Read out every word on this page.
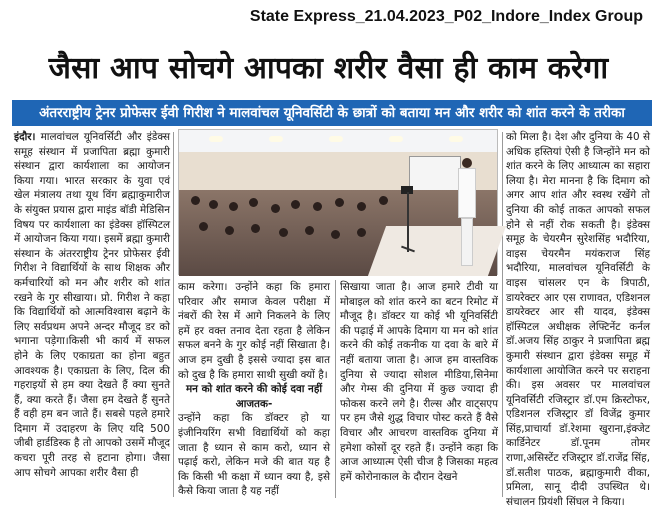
State Express_21.04.2023_P02_Indore_Index Group
जैसा आप सोचगे आपका शरीर वैसा ही काम करेगा
अंतरराष्ट्रीय ट्रेनर प्रोफेसर ईवी गिरीश ने मालवांचल यूनिवर्सिटी के छात्रों को बताया मन और शरीर को शांत करने के तरीका

इंदौर। मालवांचल यूनिवर्सिटी और इंडेक्स समूह संस्थान में प्रजापिता ब्रह्मा कुमारी संस्थान द्वारा कार्यशाला का आयोजन किया गया। भारत सरकार के युवा एवं खेल मंत्रालय तथा यूथ विंग ब्रह्माकुमारीज के संयुक्त प्रयास द्वारा माइंड बॉडी मेडिसिन विषय पर कार्यशाला का इंडेक्स हॉस्पिटल में आयोजन किया गया। इसमें ब्रह्मा कुमारी संस्थान के अंतरराष्ट्रीय ट्रेनर प्रोफेसर ईवी गिरीश ने विद्यार्थियों के साथ शिक्षक और कर्मचारियों को मन और शरीर को शांत रखने के गुर सीखाया। प्रो. गिरीश ने कहा कि विद्यार्थियों को आत्मविश्वास बढ़ाने के लिए सर्वप्रथम अपने अन्दर मौजूद डर को भगाना पड़ेगा।किसी भी कार्य में सफल होने के लिए एकाग्रता का होना बहुत आवश्यक है। एकाग्रता के लिए, दिल की गहराइयों से हम क्या देखते हैं क्या सुनते हैं, क्या करते हैं। जैसा हम देखते हैं सुनते हैं वही हम बन जाते हैं। सबसे पहले हमारे दिमाग में उदाहरण के लिए यदि 500 जीबी हार्डडिस्क है तो आपको उसमें मौजूद कचरा पूरी तरह से हटाना होगा। जैसा आप सोचगे आपका शरीर वैसा ही

काम करेगा। उन्होंने कहा कि हमारा परिवार और समाज केवल परीक्षा में नंबरों की रेस में आगे निकलने के लिए हमें हर वक्त तनाव देता रहता है लेकिन सफल बनने के गुर कोई नहीं सिखाता है।आज हम दुखी है इससे ज्यादा इस बात को दुख है कि हमारा साथी सुखी क्यों है।

मन को शांत करने की कोई दवा नहीं आजतक-

उन्होंने कहा कि डॉक्टर हो या इंजीनियरिंग सभी विद्यार्थियों को कहा जाता है ध्यान से काम करो, ध्यान से पढ़ाई करो, लेकिन मजे की बात यह है कि किसी भी कक्षा में ध्यान क्या है, इसे कैसे किया जाता है यह नहीं

सिखाया जाता है। आज हमारे टीवी या मोबाइल को शांत करने का बटन रिमोट में मौजूद है। डॉक्टर या कोई भी यूनिवर्सिटी की पढ़ाई में आपके दिमाग या मन को शांत करने की कोई तकनीक या दवा के बारे में नहीं बताया जाता है। आज हम वास्तविक दुनिया से ज्यादा सोशल मीडिया,सिनेमा और गेम्स की दुनिया में कुछ ज्यादा ही फोकस करने लगे है। रील्स और वाट्सएप पर हम जैसे शुद्ध विचार पोस्ट करते हैं वैसे विचार और आचरण वास्तविक दुनिया में हमेशा कोसों दूर रहते हैं। उन्होंने कहा कि आज आध्यात्म ऐसी चीज है जिसका महत्व हमें कोरोनाकाल के दौरान देखने

को मिला है। देश और दुनिया के 40 से अधिक हस्तियां ऐसी है जिन्होंने मन को शांत करने के लिए आध्यात्म का सहारा लिया है। मेरा मानना है कि दिमाग को अगर आप शांत और स्वस्थ रखेंगे तो दुनिया की कोई ताकत आपको सफल होने से नहीं रोक सकती है। इंडेक्स समूह के चेयरमैन सुरेशसिंह भदौरिया, वाइस चेयरमैन मयंकराज सिंह भदौरिया, मालवांचल यूनिवर्सिटी के वाइस चांसलर एन के त्रिपाठी, डायरेक्टर आर एस राणावत, एडिशनल डायरेक्टर आर सी यादव, इंडेक्स हॉस्पिटल अधीक्षक लेफ्टिनेंट कर्नल डॉ.अजय सिंह ठाकुर ने प्रजापिता ब्रह्म कुमारी संस्थान द्वारा इंडेक्स समूह में कार्यशाला आयोजित करने पर सराहना की। इस अवसर पर मालवांचल यूनिवर्सिटी रजिस्ट्रार डॉ.एम क्रिस्टोफर, एडिशनल रजिस्ट्रार डॉ विजेंद्र कुमार सिंह,प्राचार्या डॉ.रेशमा खुराना,इंक्जेट कार्डिनेटर डॉ.पूनम तोमर राणा,असिस्टेंट रजिस्ट्रार डॉ.राजेंद्र सिंह, डॉ.सतीश पाठक, ब्रह्माकुमारी वीका, प्रमिला, सानू दीदी उपस्थित थे। संचालन प्रियंशी सिंघल ने किया।
